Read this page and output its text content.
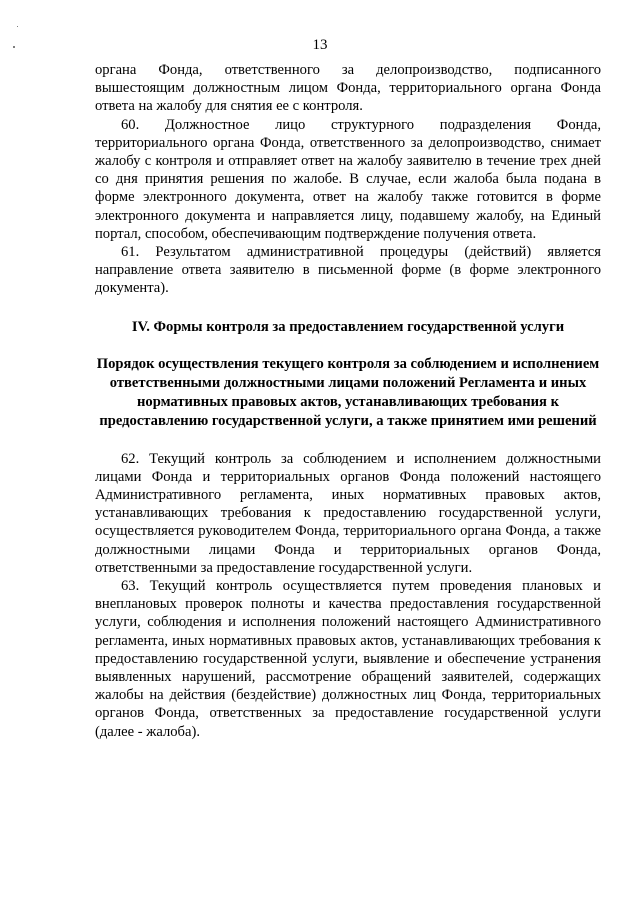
13

органа Фонда, ответственного за делопроизводство, подписанного вышестоящим должностным лицом Фонда, территориального органа Фонда ответа на жалобу для снятия ее с контроля.

60. Должностное лицо структурного подразделения Фонда, территориального органа Фонда, ответственного за делопроизводство, снимает жалобу с контроля и отправляет ответ на жалобу заявителю в течение трех дней со дня принятия решения по жалобе. В случае, если жалоба была подана в форме электронного документа, ответ на жалобу также готовится в форме электронного документа и направляется лицу, подавшему жалобу, на Единый портал, способом, обеспечивающим подтверждение получения ответа.

61. Результатом административной процедуры (действий) является направление ответа заявителю в письменной форме (в форме электронного документа).

IV. Формы контроля за предоставлением государственной услуги
Порядок осуществления текущего контроля за соблюдением и исполнением ответственными должностными лицами положений Регламента и иных нормативных правовых актов, устанавливающих требования к предоставлению государственной услуги, а также принятием ими решений

62. Текущий контроль за соблюдением и исполнением должностными лицами Фонда и территориальных органов Фонда положений настоящего Административного регламента, иных нормативных правовых актов, устанавливающих требования к предоставлению государственной услуги, осуществляется руководителем Фонда, территориального органа Фонда, а также должностными лицами Фонда и территориальных органов Фонда, ответственными за предоставление государственной услуги.

63. Текущий контроль осуществляется путем проведения плановых и внеплановых проверок полноты и качества предоставления государственной услуги, соблюдения и исполнения положений настоящего Административного регламента, иных нормативных правовых актов, устанавливающих требования к предоставлению государственной услуги, выявление и обеспечение устранения выявленных нарушений, рассмотрение обращений заявителей, содержащих жалобы на действия (бездействие) должностных лиц Фонда, территориальных органов Фонда, ответственных за предоставление государственной услуги (далее - жалоба).
